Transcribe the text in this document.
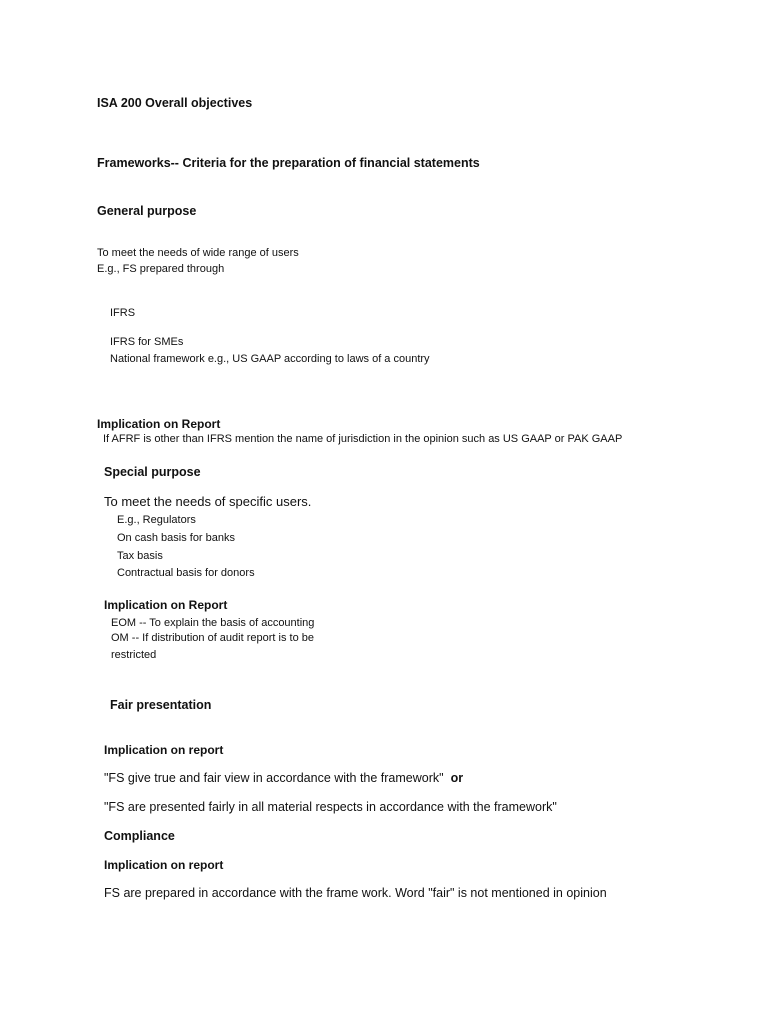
ISA 200 Overall objectives
Frameworks-- Criteria for the preparation of financial statements
General purpose
To meet the needs of wide range of users
E.g., FS prepared through
IFRS
IFRS for SMEs
National framework e.g., US GAAP according to laws of a country
Implication on Report
If AFRF is other than IFRS mention the name of jurisdiction in the opinion such as US GAAP or PAK GAAP
Special purpose
To meet the needs of specific users.
E.g., Regulators
On cash basis for banks
Tax basis
Contractual basis for donors
Implication on Report
EOM -- To explain the basis of accounting
OM -- If distribution of audit report is to be
restricted
Fair presentation
Implication on report
"FS give true and fair view in accordance with the framework" or
"FS are presented fairly in all material respects in accordance with the framework"
Compliance
Implication on report
FS are prepared in accordance with the frame work. Word "fair" is not mentioned in opinion
